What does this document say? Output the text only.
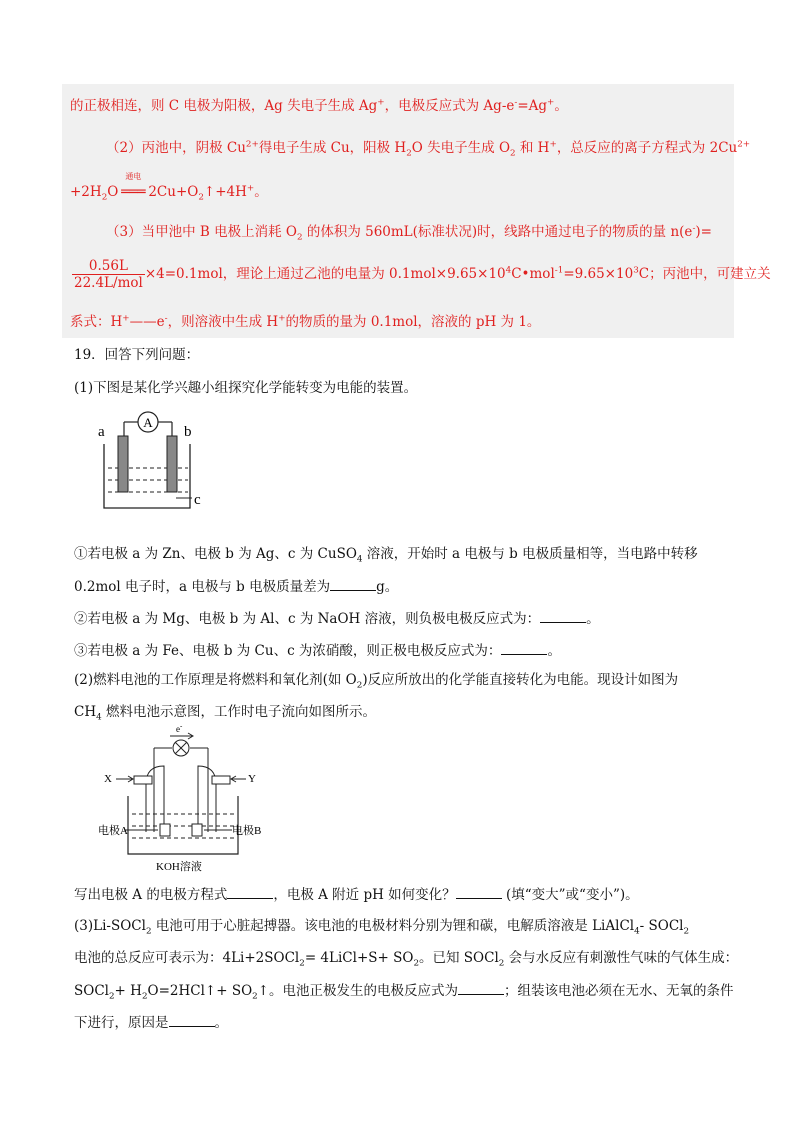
的正极相连，则 C 电极为阳极，Ag 失电子生成 Ag+，电极反应式为 Ag-e-=Ag+。
（2）丙池中，阴极 $Cu^{2+}$得电子生成 Cu，阳极 $H_2O$ 失电子生成 $O_2$ 和 H+，总反应的离子方程式为 $2Cu^{2+}$
$+2H_2O$
通电
═══ $2Cu+O_2↑+4H^+$。
（3）当甲池中 B 电极上消耗 $O_2$ 的体积为 560mL(标准状况)时，线路中通过电子的物质的量 n(e-)=
$\frac{0.56L}{\text{22.4L/mol}} \times 4=0.1mol$，理论上通过乙池的电量为 $0.1mol\times 9.65\times 10^4C•mol^{-1}=9.65\times 10^3C$；丙池中，可建立关
系式：H+——e-，则溶液中生成 H+的物质的量为 0.1mol，溶液的 pH 为 1。
19．回答下列问题：
(1)下图是某化学兴趣小组探究化学能转变为电能的装置。
A
a	b
c
①若电极 a 为 Zn、电极 b 为 Ag、c 为 CuSO$_4$ 溶液，开始时 a 电极与 b 电极质量相等，当电路中转移
0.2mol 电子时，a 电极与 b 电极质量差为	g。
②若电极 a 为 Mg、电极 b 为 Al、c 为 NaOH 溶液，则负极电极反应式为：	。
③若电极 a 为 Fe、电极 b 为 Cu、c 为浓硝酸，则正极电极反应式为：	。
(2)燃料电池的工作原理是将燃料和氧化剂(如 $O_2$)反应所放出的化学能直接转化为电能。现设计如图为
$CH_4$ 燃料电池示意图，工作时电子流向如图所示。
e-
X	Y
电极A	电极B
KOH溶液
写出电极 A 的电极方程式	，电极 A 附近 pH 如何变化？	(填“变大”或“变小”)。
(3)Li-SOCl$_2$ 电池可用于心脏起搏器。该电池的电极材料分别为锂和碳，电解质溶液是 LiAlCl$_4$- SOCl$_2$
电池的总反应可表示为：4Li+2SOCl$_2$= 4LiCl+S+ $SO_2$。已知 SOCl$_2$ 会与水反应有刺激性气味的气体生成：
SOCl$_2$+ $H_2O=2HCl↑+$ $SO_2↑$。电池正极发生的电极反应式为	；组装该电池必须在无水、无氧的条件
下进行，原因是	。
